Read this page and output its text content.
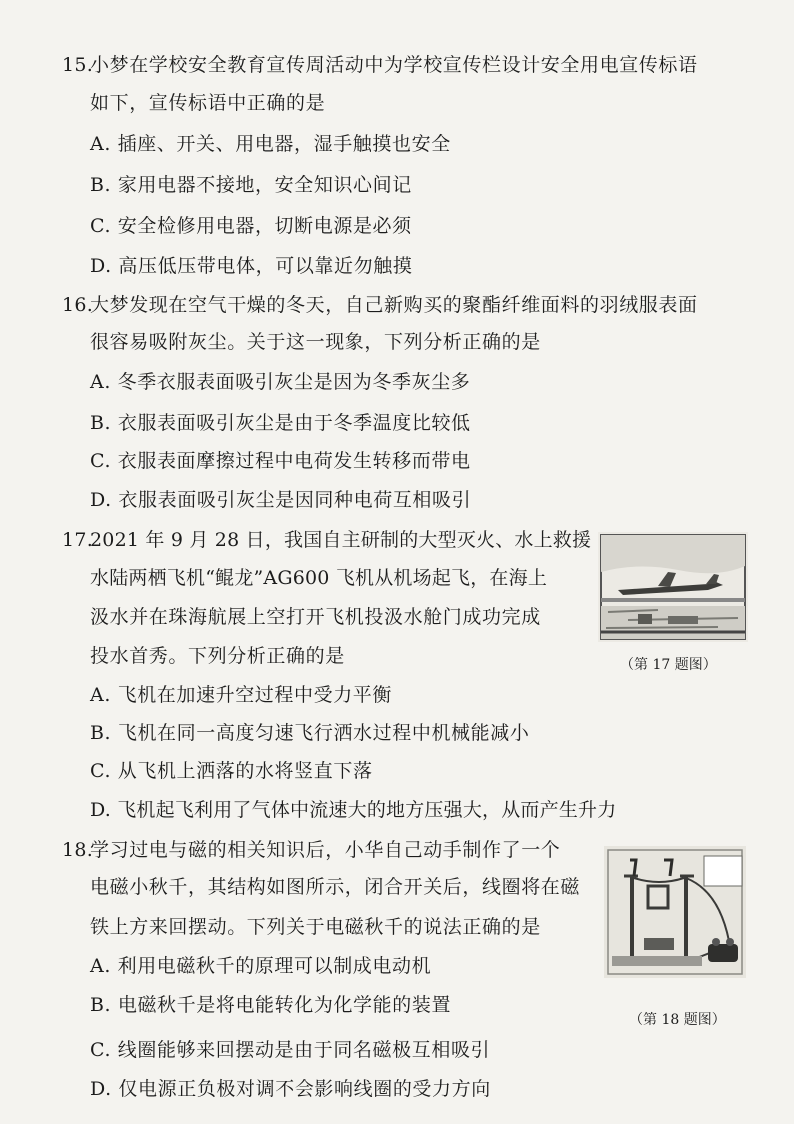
15.
小梦在学校安全教育宣传周活动中为学校宣传栏设计安全用电宣传标语
如下，宣传标语中正确的是
A. 插座、开关、用电器，湿手触摸也安全
B. 家用电器不接地，安全知识心间记
C. 安全检修用电器，切断电源是必须
D. 高压低压带电体，可以靠近勿触摸
16.
大梦发现在空气干燥的冬天，自己新购买的聚酯纤维面料的羽绒服表面
很容易吸附灰尘。关于这一现象，下列分析正确的是
A. 冬季衣服表面吸引灰尘是因为冬季灰尘多
B. 衣服表面吸引灰尘是由于冬季温度比较低
C. 衣服表面摩擦过程中电荷发生转移而带电
D. 衣服表面吸引灰尘是因同种电荷互相吸引
17.
2021 年 9 月 28 日，我国自主研制的大型灭火、水上救援
水陆两栖飞机“鲲龙”AG600 飞机从机场起飞，在海上
汲水并在珠海航展上空打开飞机投汲水舱门成功完成
投水首秀。下列分析正确的是
A. 飞机在加速升空过程中受力平衡
B. 飞机在同一高度匀速飞行洒水过程中机械能减小
C. 从飞机上洒落的水将竖直下落
D. 飞机起飞利用了气体中流速大的地方压强大，从而产生升力
（第 17 题图）
18.
学习过电与磁的相关知识后，小华自己动手制作了一个
电磁小秋千，其结构如图所示，闭合开关后，线圈将在磁
铁上方来回摆动。下列关于电磁秋千的说法正确的是
A. 利用电磁秋千的原理可以制成电动机
B. 电磁秋千是将电能转化为化学能的装置
C. 线圈能够来回摆动是由于同名磁极互相吸引
D. 仅电源正负极对调不会影响线圈的受力方向
（第 18 题图）
